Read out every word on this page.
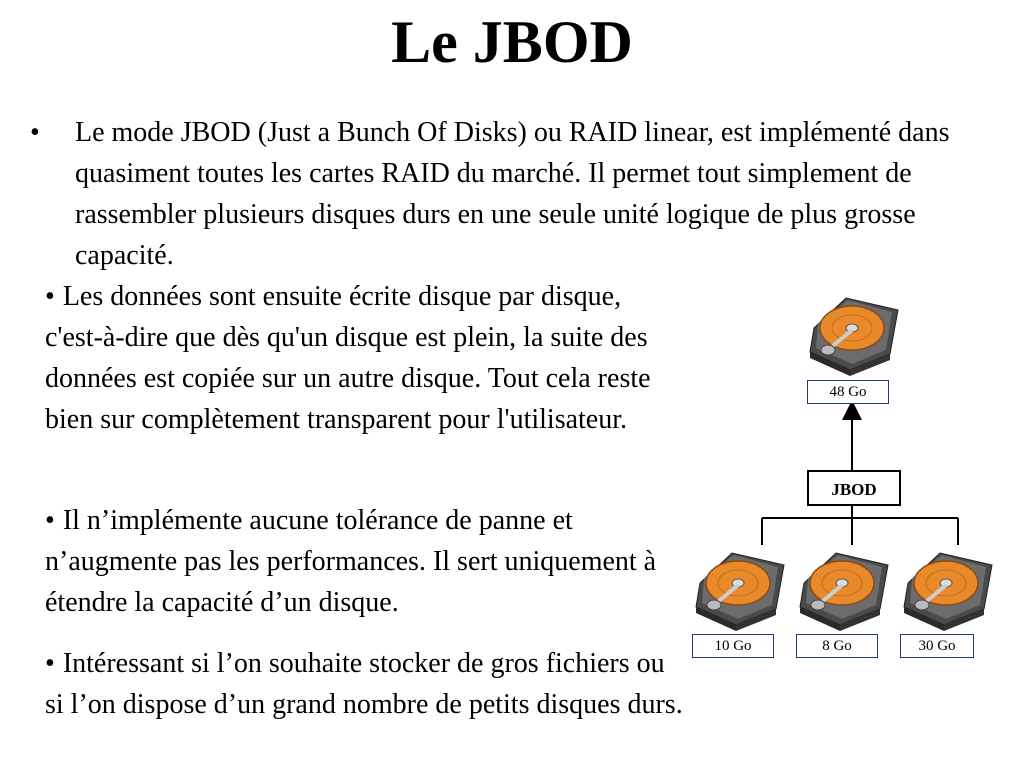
Le JBOD
•	Le mode JBOD (Just a Bunch Of Disks) ou RAID linear, est implémenté dans quasiment toutes les cartes RAID du marché. Il permet tout simplement de rassembler plusieurs disques durs en une seule unité logique de plus grosse capacité.
• Les données sont ensuite écrite disque par disque, c'est-à-dire que dès qu'un disque est plein, la suite des données est copiée sur un autre disque. Tout cela reste bien sur complètement transparent pour l'utilisateur.
• Il n’implémente aucune tolérance de panne et n’augmente pas les performances. Il sert uniquement à étendre la capacité d’un disque.
• Intéressant si l’on souhaite stocker de gros fichiers ou si l’on dispose d’un grand nombre de petits disques durs.
48 Go
JBOD
10 Go	8 Go	30 Go
